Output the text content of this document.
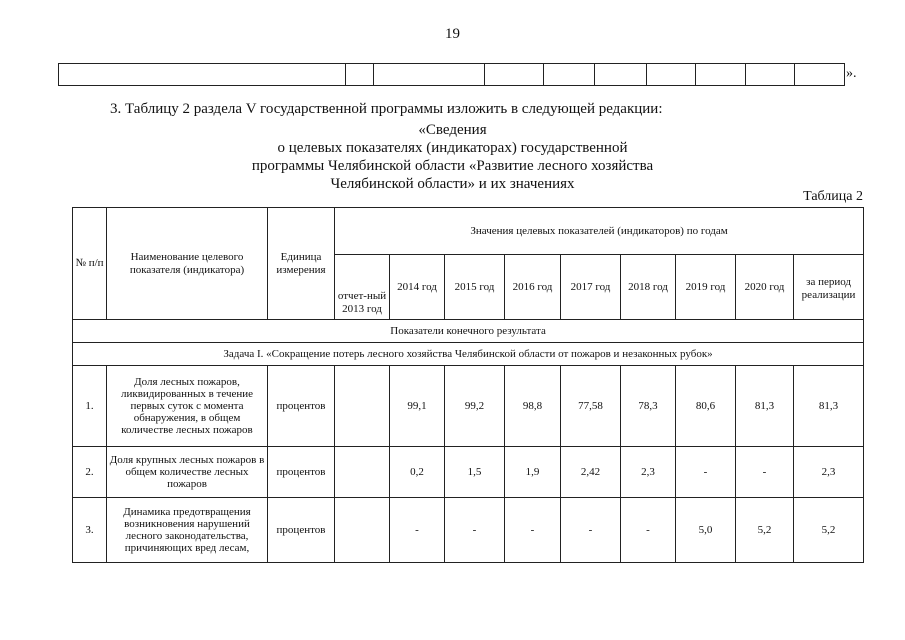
19
».
3. Таблицу 2 раздела V государственной программы изложить в следующей редакции:
«Сведения
о целевых показателях (индикаторах) государственной
программы Челябинской области «Развитие лесного хозяйства
Челябинской области» и их значениях
Таблица 2
№ п/п	Наименование целевого показателя (индикатора)	Единица измерения	Значения целевых показателей (индикаторов) по годам								
			отчет-ный 2013 год	2014 год	2015 год	2016 год	2017 год	2018 год	2019 год	2020 год	за период реализации
Показатели конечного результата											
Задача I. «Сокращение потерь лесного хозяйства Челябинской области от пожаров и незаконных рубок»											
1.	Доля лесных пожаров, ликвидированных в течение первых суток с момента обнаружения, в общем количестве лесных пожаров	процентов		99,1	99,2	98,8	77,58	78,3	80,6	81,3	81,3
2.	Доля крупных лесных пожаров в общем количестве лесных пожаров	процентов		0,2	1,5	1,9	2,42	2,3	-	-	2,3
3.	Динамика предотвращения возникновения нарушений лесного законодательства, причиняющих вред лесам,	процентов		-	-	-	-	-	5,0	5,2	5,2
